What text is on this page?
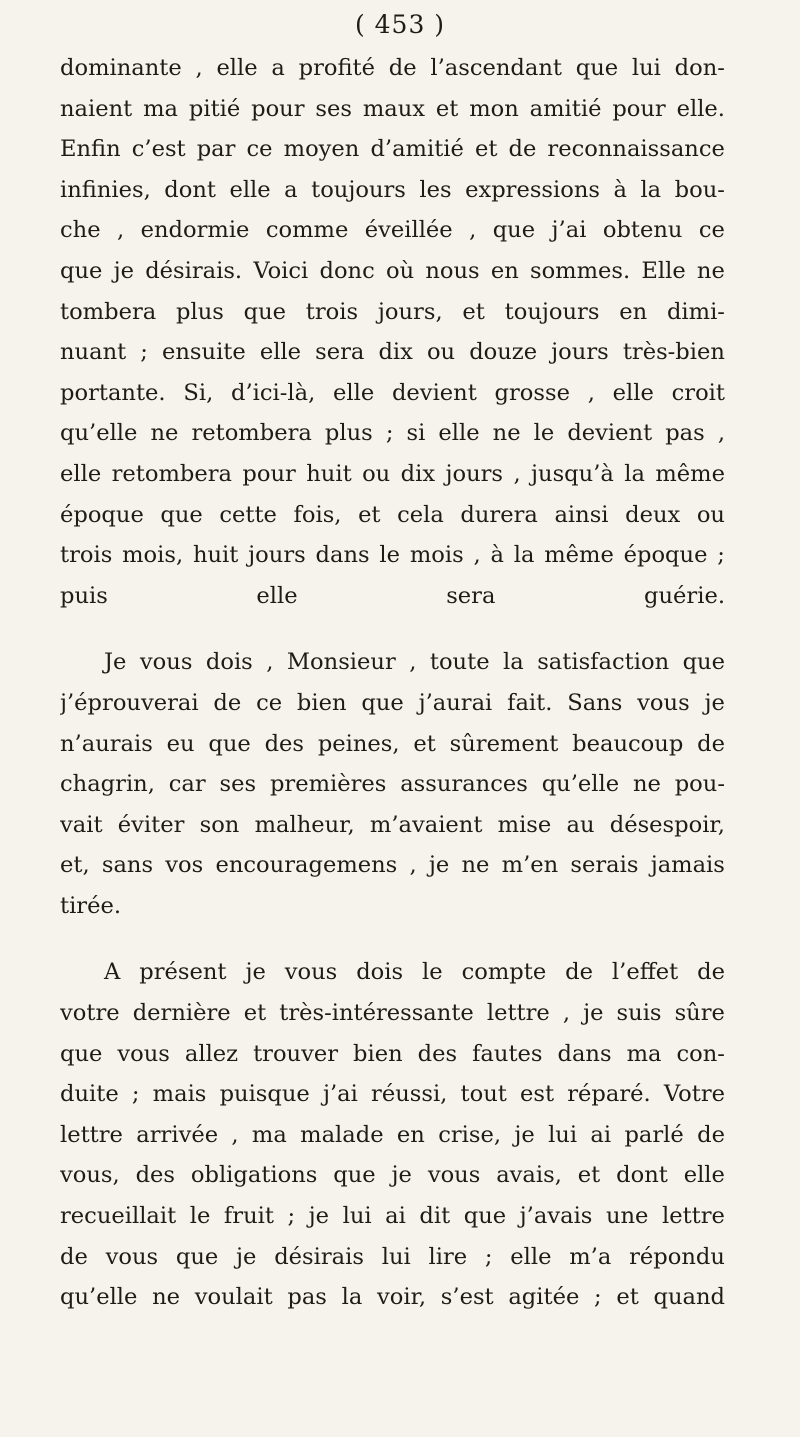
( 453 )
dominante , elle a profité de l’ascendant que lui don-
naient ma pitié pour ses maux et mon amitié pour elle.
Enfin c’est par ce moyen d’amitié et de reconnaissance
infinies, dont elle a toujours les expressions à la bou-
che , endormie comme éveillée , que j’ai obtenu ce
que je désirais. Voici donc où nous en sommes. Elle ne
tombera plus que trois jours, et toujours en dimi-
nuant ; ensuite elle sera dix ou douze jours très-bien
portante. Si, d’ici-là, elle devient grosse , elle croit
qu’elle ne retombera plus ; si elle ne le devient pas ,
elle retombera pour huit ou dix jours , jusqu’à la même
époque que cette fois, et cela durera ainsi deux ou
trois mois, huit jours dans le mois , à la même époque ;
puis elle sera guérie.
Je vous dois , Monsieur , toute la satisfaction que
j’éprouverai de ce bien que j’aurai fait. Sans vous je
n’aurais eu que des peines, et sûrement beaucoup de
chagrin, car ses premières assurances qu’elle ne pou-
vait éviter son malheur, m’avaient mise au désespoir,
et, sans vos encouragemens , je ne m’en serais jamais
tirée.
A présent je vous dois le compte de l’effet de
votre dernière et très-intéressante lettre , je suis sûre
que vous allez trouver bien des fautes dans ma con-
duite ; mais puisque j’ai réussi, tout est réparé. Votre
lettre arrivée , ma malade en crise, je lui ai parlé de
vous, des obligations que je vous avais, et dont elle
recueillait le fruit ; je lui ai dit que j’avais une lettre
de vous que je désirais lui lire ; elle m’a répondu
qu’elle ne voulait pas la voir, s’est agitée ; et quand
